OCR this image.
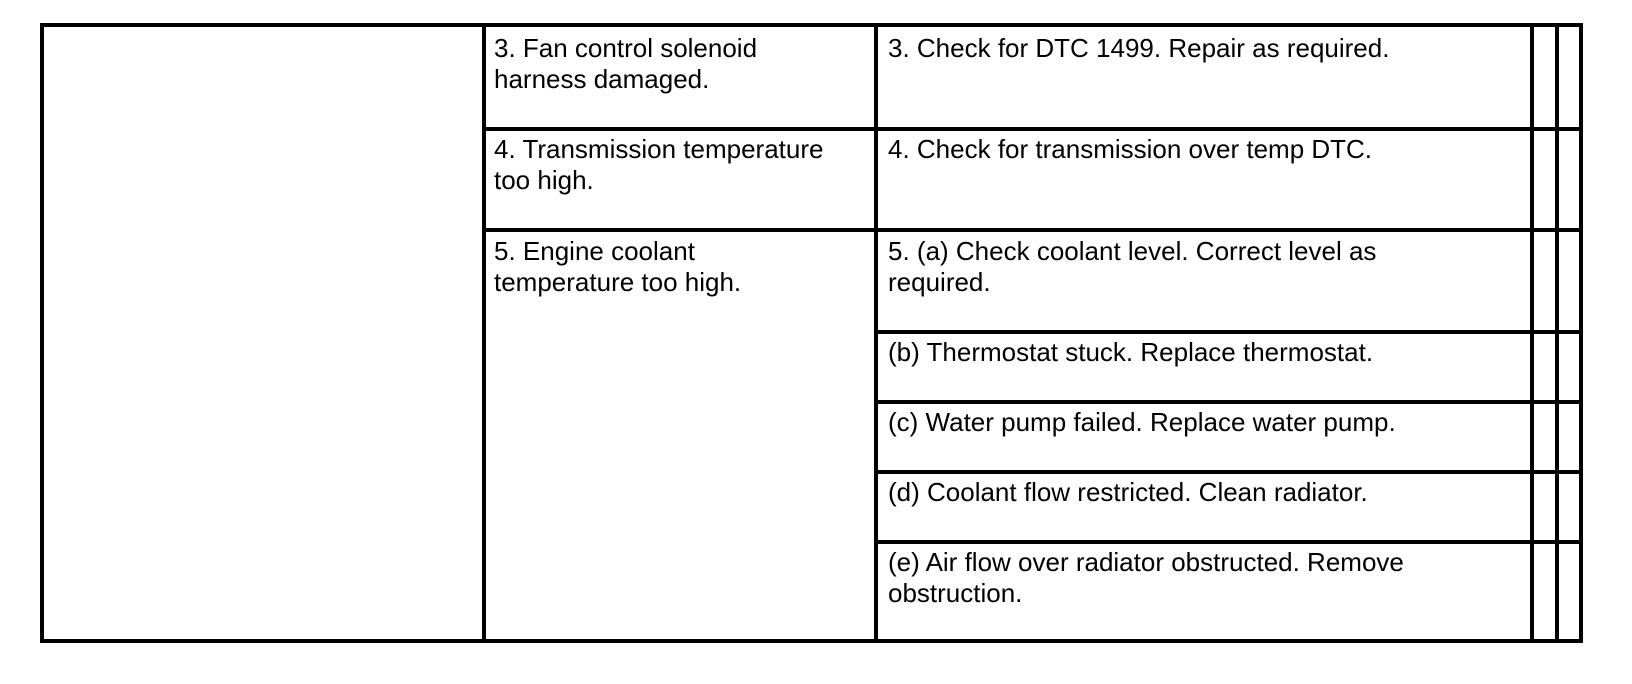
3. Fan control solenoid
harness damaged.
4. Transmission temperature
too high.
5. Engine coolant
temperature too high.
3. Check for DTC 1499. Repair as required.
4. Check for transmission over temp DTC.
5. (a) Check coolant level. Correct level as
required.
(b) Thermostat stuck. Replace thermostat.
(c) Water pump failed. Replace water pump.
(d) Coolant flow restricted. Clean radiator.
(e) Air flow over radiator obstructed. Remove
obstruction.
